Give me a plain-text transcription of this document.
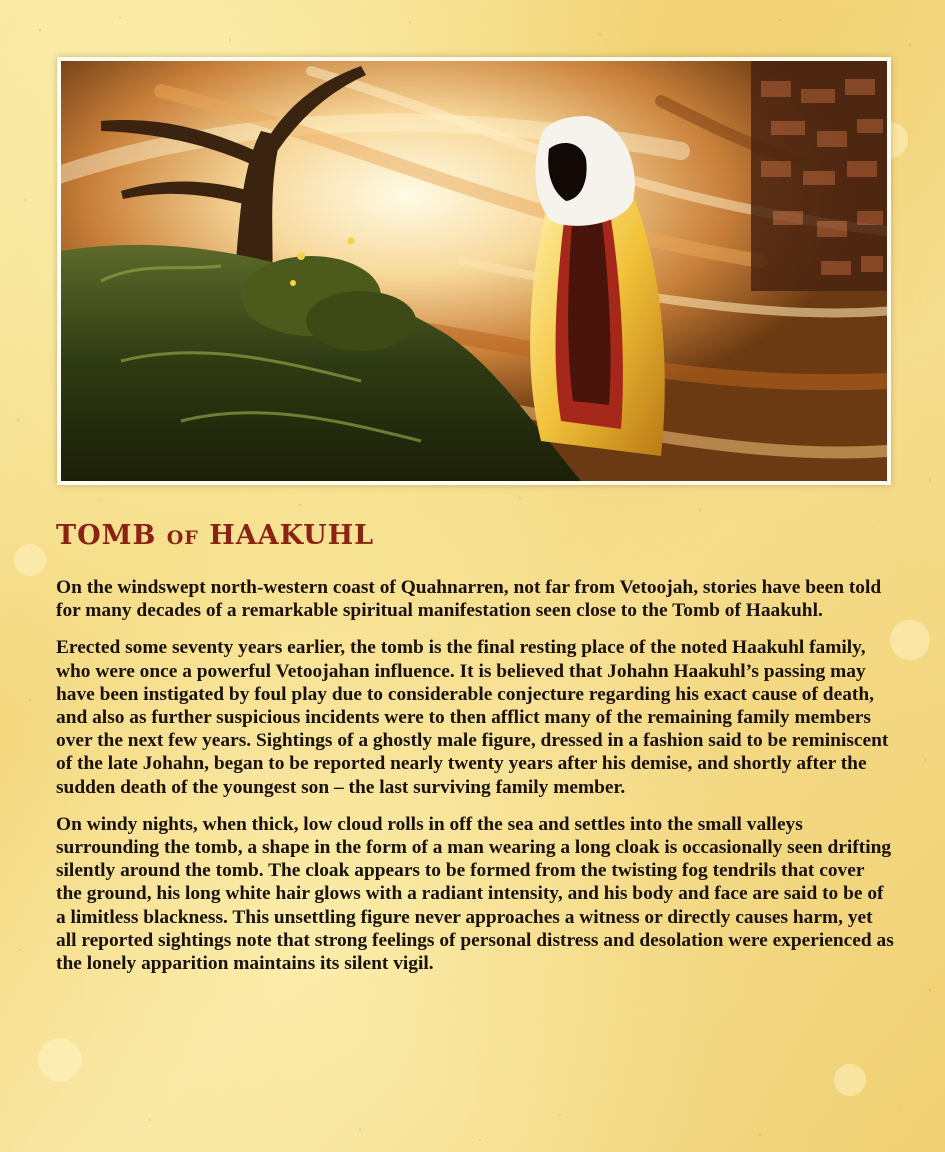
TOMB OF HAAKUHL

On the windswept north-western coast of Quahnarren, not far from Vetoojah, stories have been told for many decades of a remarkable spiritual manifestation seen close to the Tomb of Haakuhl.

Erected some seventy years earlier, the tomb is the final resting place of the noted Haakuhl family, who were once a powerful Vetoojahan influence. It is believed that Johahn Haakuhl’s passing may have been instigated by foul play due to considerable conjecture regarding his exact cause of death, and also as further suspicious incidents were to then afflict many of the remaining family members over the next few years. Sightings of a ghostly male figure, dressed in a fashion said to be reminiscent of the late Johahn, began to be reported nearly twenty years after his demise, and shortly after the sudden death of the youngest son – the last surviving family member.

On windy nights, when thick, low cloud rolls in off the sea and settles into the small valleys surrounding the tomb, a shape in the form of a man wearing a long cloak is occasionally seen drifting silently around the tomb. The cloak appears to be formed from the twisting fog tendrils that cover the ground, his long white hair glows with a radiant intensity, and his body and face are said to be of a limitless blackness. This unsettling figure never approaches a witness or directly causes harm, yet all reported sightings note that strong feelings of personal distress and desolation were experienced as the lonely apparition maintains its silent vigil.
